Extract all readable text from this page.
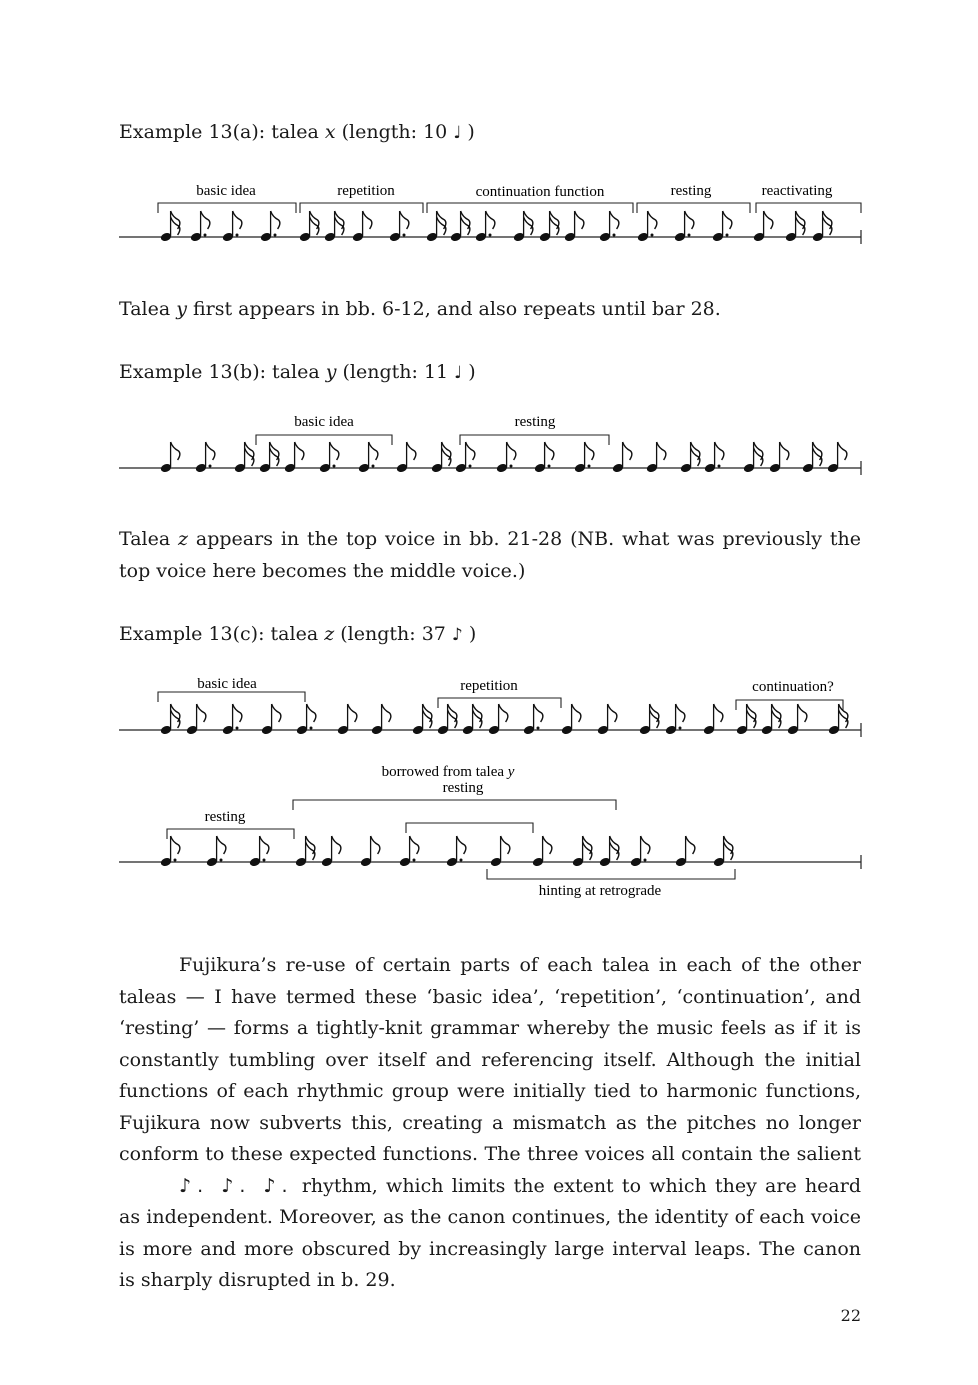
Example 13(a): talea x (length: 10 ♩ )
Talea y first appears in bb. 6-12, and also repeats until bar 28.
Example 13(b): talea y (length: 11 ♩ )
Talea z appears in the top voice in bb. 21-28 (NB. what was previously the top voice here becomes the middle voice.)
Example 13(c): talea z (length: 37 ♪ )
Fujikura’s re-use of certain parts of each talea in each of the other taleas — I have termed these ‘basic idea’, ‘repetition’, ‘continuation’, and ‘resting’ — forms a tightly-knit grammar whereby the music feels as if it is constantly tumbling over itself and referencing itself. Although the initial functions of each rhythmic group were initially tied to harmonic functions, Fujikura now subverts this, creating a mismatch as the pitches no longer conform to these expected functions. The three voices all contain the salient ♪. ♪. ♪. rhythm, which limits the extent to which they are heard as independent. Moreover, as the canon continues, the identity of each voice is more and more obscured by increasingly large interval leaps. The canon is sharply disrupted in b. 29.
22
basic idea	repetition	continuation function	resting	reactivating
basic idea	resting
basic idea	repetition	continuation?
borrowed from talea y
resting
resting
hinting at retrograde
